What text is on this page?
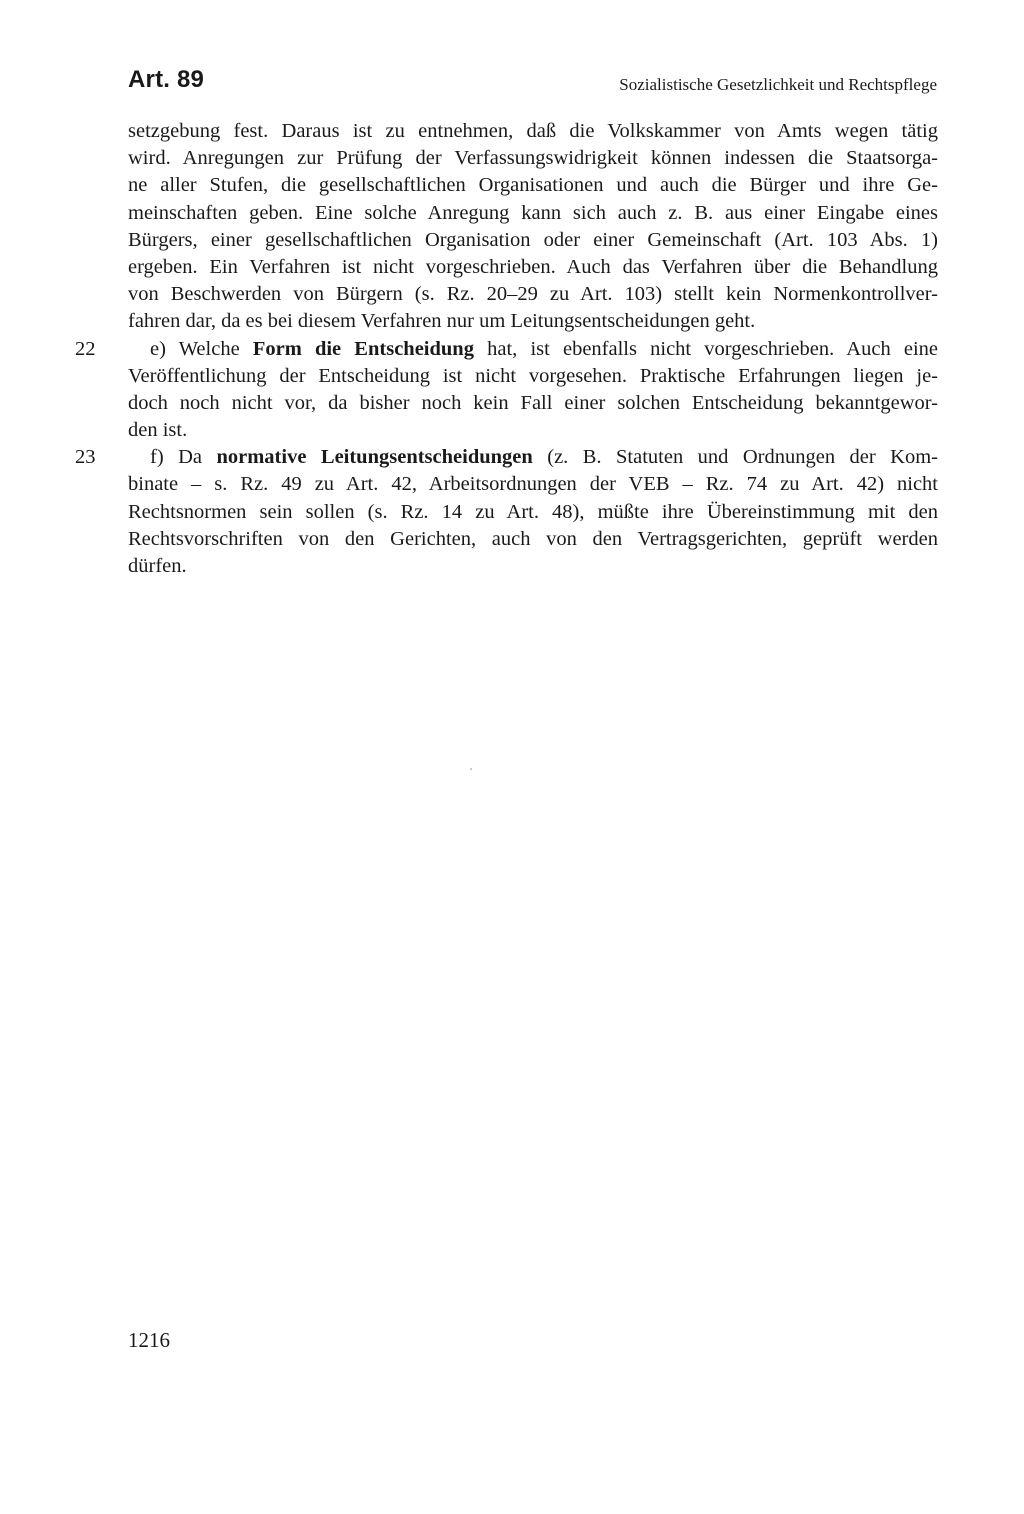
Art. 89	Sozialistische Gesetzlichkeit und Rechtspflege
setzgebung fest. Daraus ist zu entnehmen, daß die Volkskammer von Amts wegen tätig
wird. Anregungen zur Prüfung der Verfassungswidrigkeit können indessen die Staatsorga-
ne aller Stufen, die gesellschaftlichen Organisationen und auch die Bürger und ihre Ge-
meinschaften geben. Eine solche Anregung kann sich auch z. B. aus einer Eingabe eines
Bürgers, einer gesellschaftlichen Organisation oder einer Gemeinschaft (Art. 103 Abs. 1)
ergeben. Ein Verfahren ist nicht vorgeschrieben. Auch das Verfahren über die Behandlung
von Beschwerden von Bürgern (s. Rz. 20–29 zu Art. 103) stellt kein Normenkontrollver-
fahren dar, da es bei diesem Verfahren nur um Leitungsentscheidungen geht.
22	e) Welche Form die Entscheidung hat, ist ebenfalls nicht vorgeschrieben. Auch eine
Veröffentlichung der Entscheidung ist nicht vorgesehen. Praktische Erfahrungen liegen je-
doch noch nicht vor, da bisher noch kein Fall einer solchen Entscheidung bekanntgewor-
den ist.
23	f) Da normative Leitungsentscheidungen (z. B. Statuten und Ordnungen der Kom-
binate – s. Rz. 49 zu Art. 42, Arbeitsordnungen der VEB – Rz. 74 zu Art. 42) nicht
Rechtsnormen sein sollen (s. Rz. 14 zu Art. 48), müßte ihre Übereinstimmung mit den
Rechtsvorschriften von den Gerichten, auch von den Vertragsgerichten, geprüft werden
dürfen.
1216
